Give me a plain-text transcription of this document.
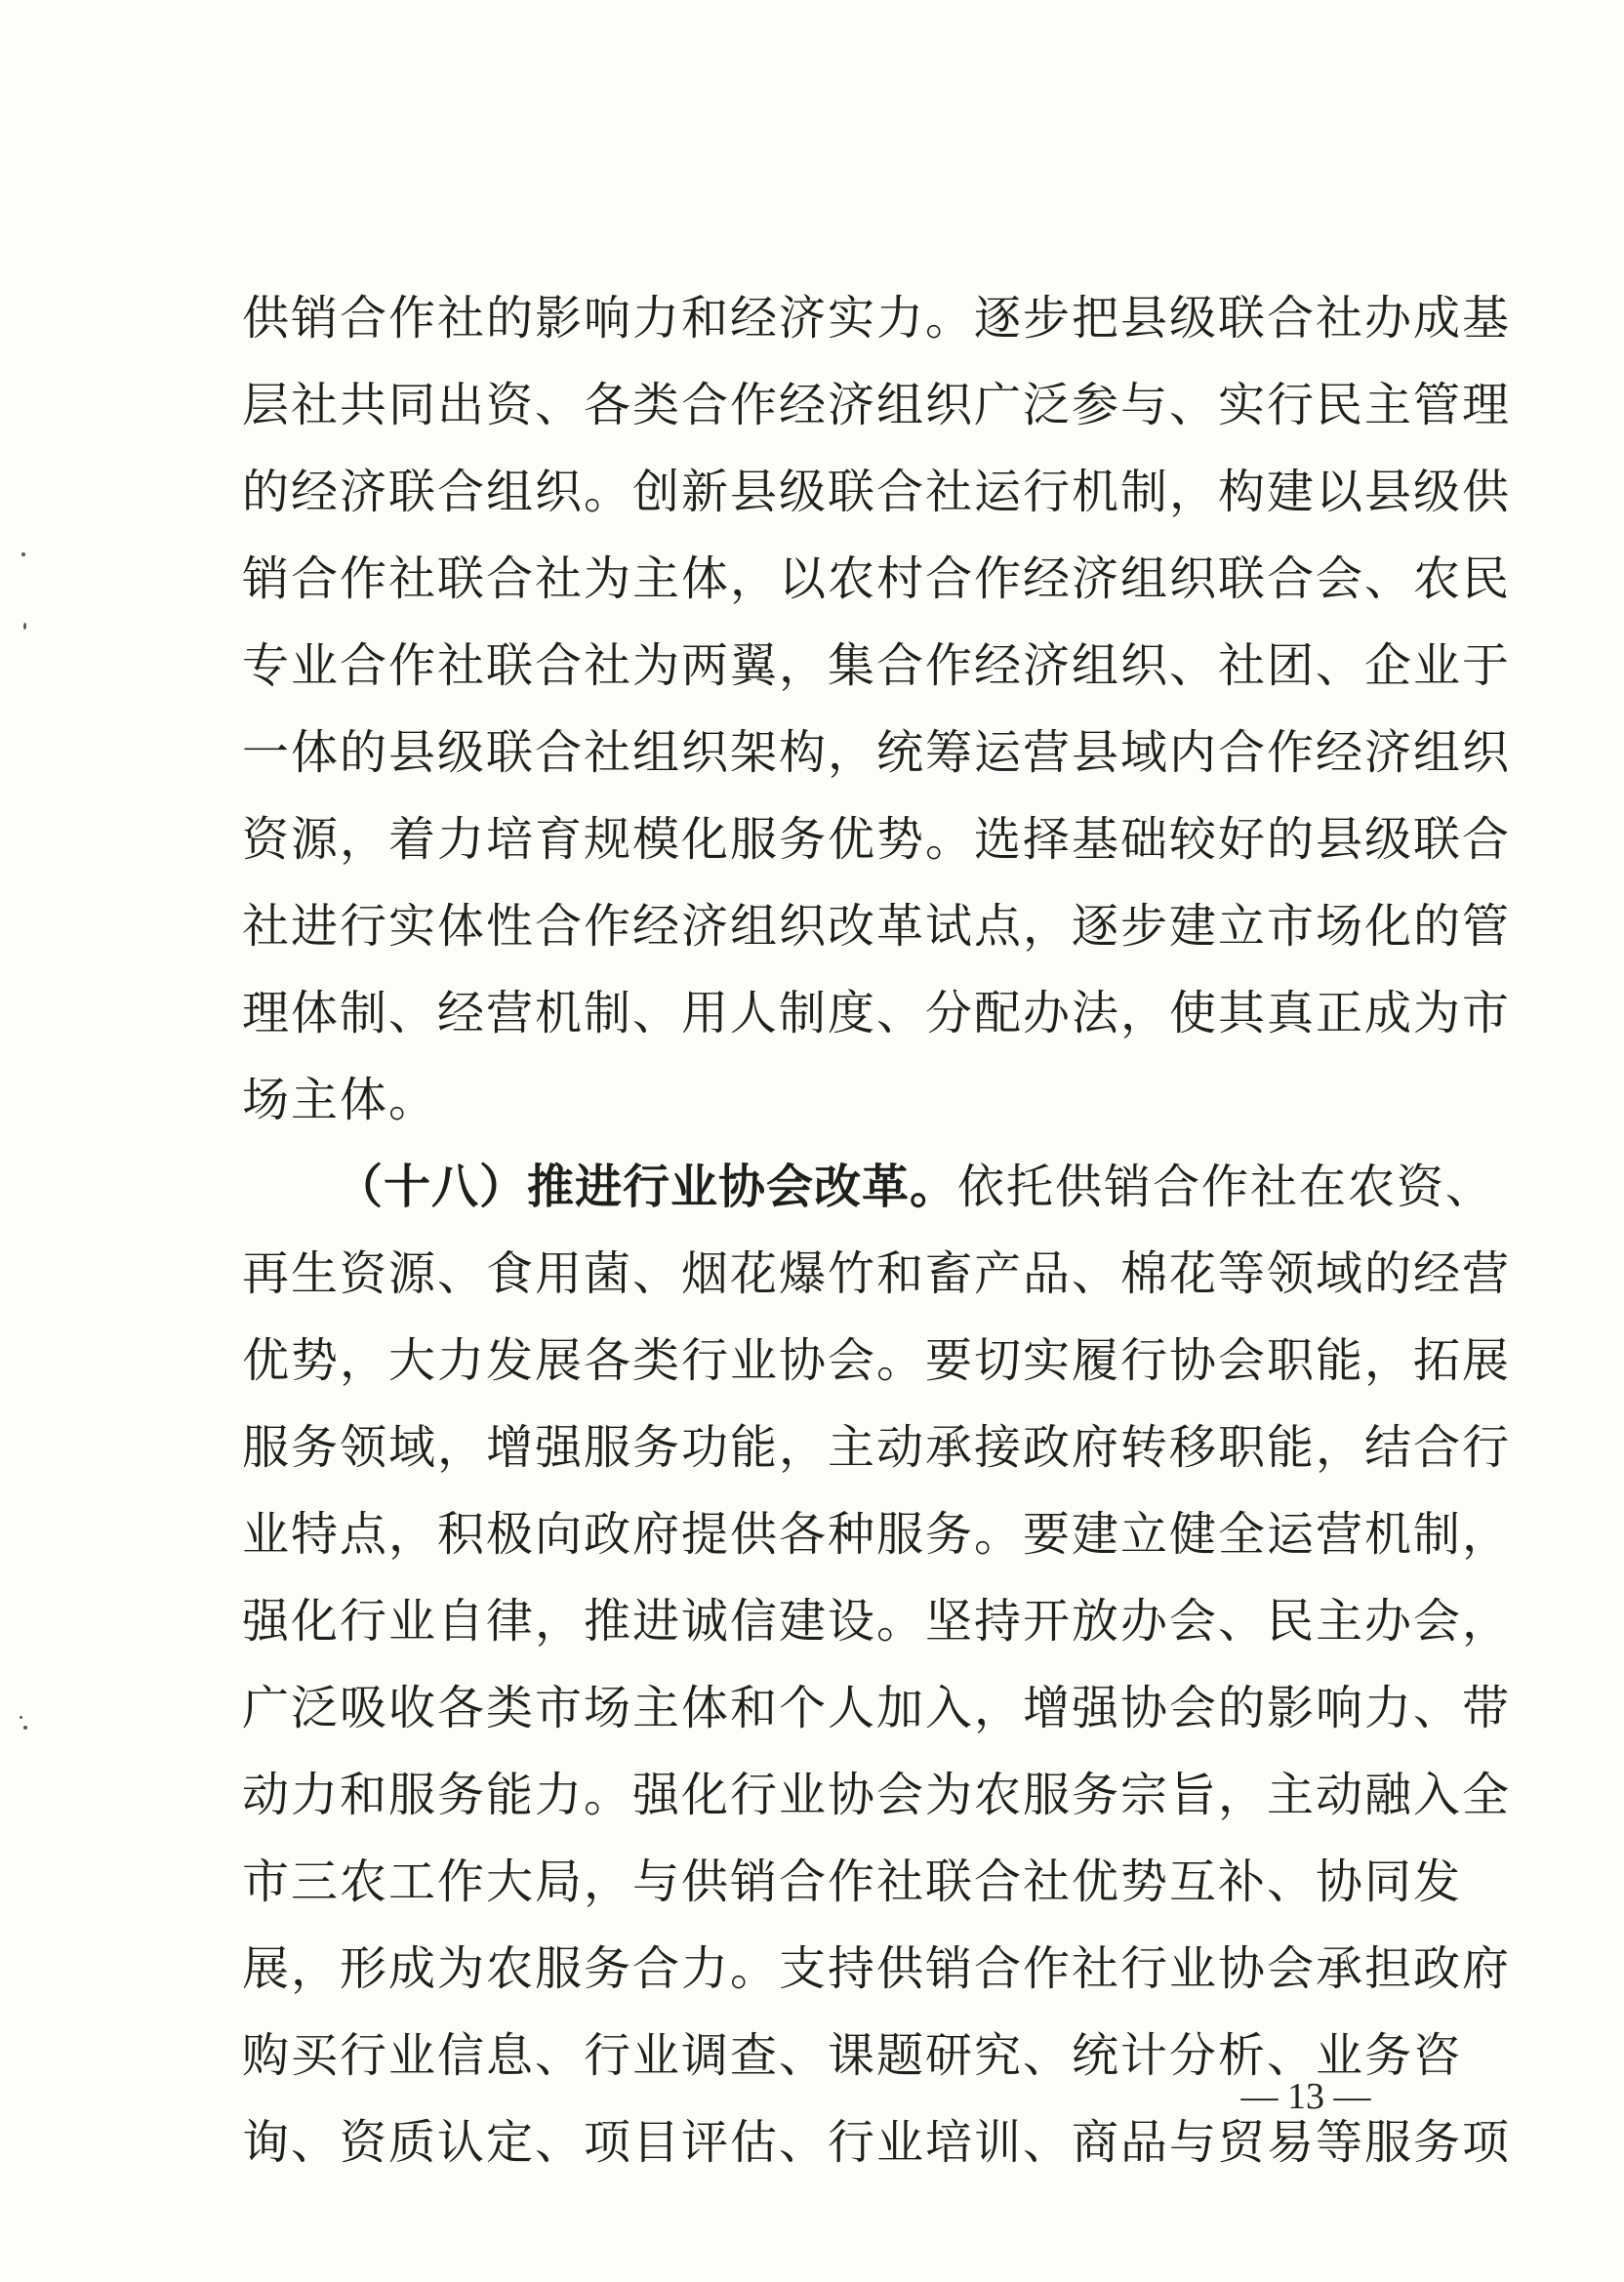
供销合作社的影响力和经济实力。逐步把县级联合社办成基
层社共同出资、各类合作经济组织广泛参与、实行民主管理
的经济联合组织。创新县级联合社运行机制，构建以县级供
销合作社联合社为主体，以农村合作经济组织联合会、农民
专业合作社联合社为两翼，集合作经济组织、社团、企业于
一体的县级联合社组织架构，统筹运营县域内合作经济组织
资源，着力培育规模化服务优势。选择基础较好的县级联合
社进行实体性合作经济组织改革试点，逐步建立市场化的管
理体制、经营机制、用人制度、分配办法，使其真正成为市
场主体。
（十八）推进行业协会改革。依托供销合作社在农资、
再生资源、食用菌、烟花爆竹和畜产品、棉花等领域的经营
优势，大力发展各类行业协会。要切实履行协会职能，拓展
服务领域，增强服务功能，主动承接政府转移职能，结合行
业特点，积极向政府提供各种服务。要建立健全运营机制，
强化行业自律，推进诚信建设。坚持开放办会、民主办会，
广泛吸收各类市场主体和个人加入，增强协会的影响力、带
动力和服务能力。强化行业协会为农服务宗旨，主动融入全
市三农工作大局，与供销合作社联合社优势互补、协同发
展，形成为农服务合力。支持供销合作社行业协会承担政府
购买行业信息、行业调查、课题研究、统计分析、业务咨
询、资质认定、项目评估、行业培训、商品与贸易等服务项
— 13 —
